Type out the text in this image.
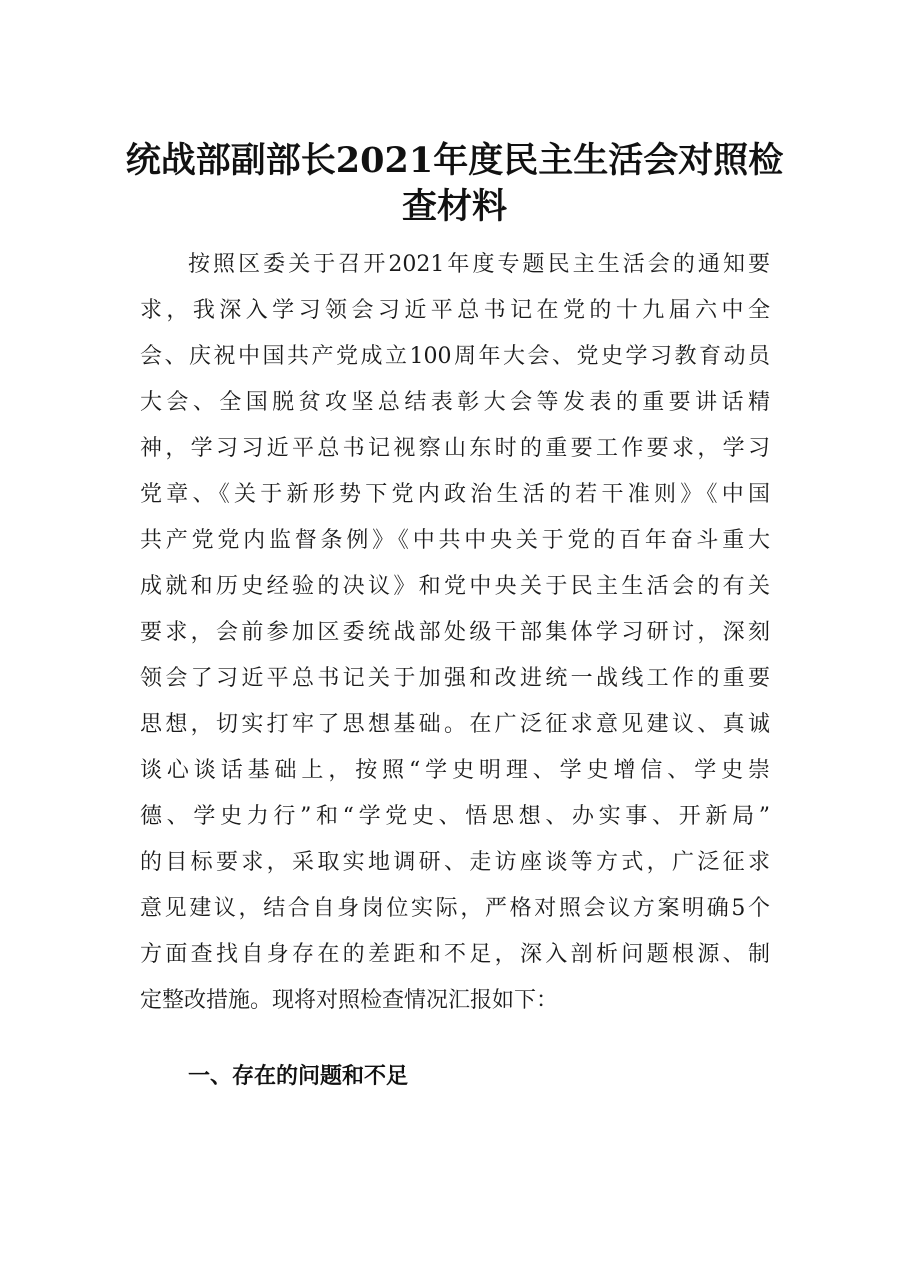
统战部副部长2021年度民主生活会对照检
查材料
按照区委关于召开2021年度专题民主生活会的通知要
求，我深入学习领会习近平总书记在党的十九届六中全
会、庆祝中国共产党成立100周年大会、党史学习教育动员
大会、全国脱贫攻坚总结表彰大会等发表的重要讲话精
神，学习习近平总书记视察山东时的重要工作要求，学习
党章、《关于新形势下党内政治生活的若干准则》《中国
共产党党内监督条例》《中共中央关于党的百年奋斗重大
成就和历史经验的决议》和党中央关于民主生活会的有关
要求，会前参加区委统战部处级干部集体学习研讨，深刻
领会了习近平总书记关于加强和改进统一战线工作的重要
思想，切实打牢了思想基础。在广泛征求意见建议、真诚
谈心谈话基础上，按照“学史明理、学史增信、学史崇
德、学史力行”和“学党史、悟思想、办实事、开新局”
的目标要求，采取实地调研、走访座谈等方式，广泛征求
意见建议，结合自身岗位实际，严格对照会议方案明确5个
方面查找自身存在的差距和不足，深入剖析问题根源、制
定整改措施。现将对照检查情况汇报如下：
一、存在的问题和不足
